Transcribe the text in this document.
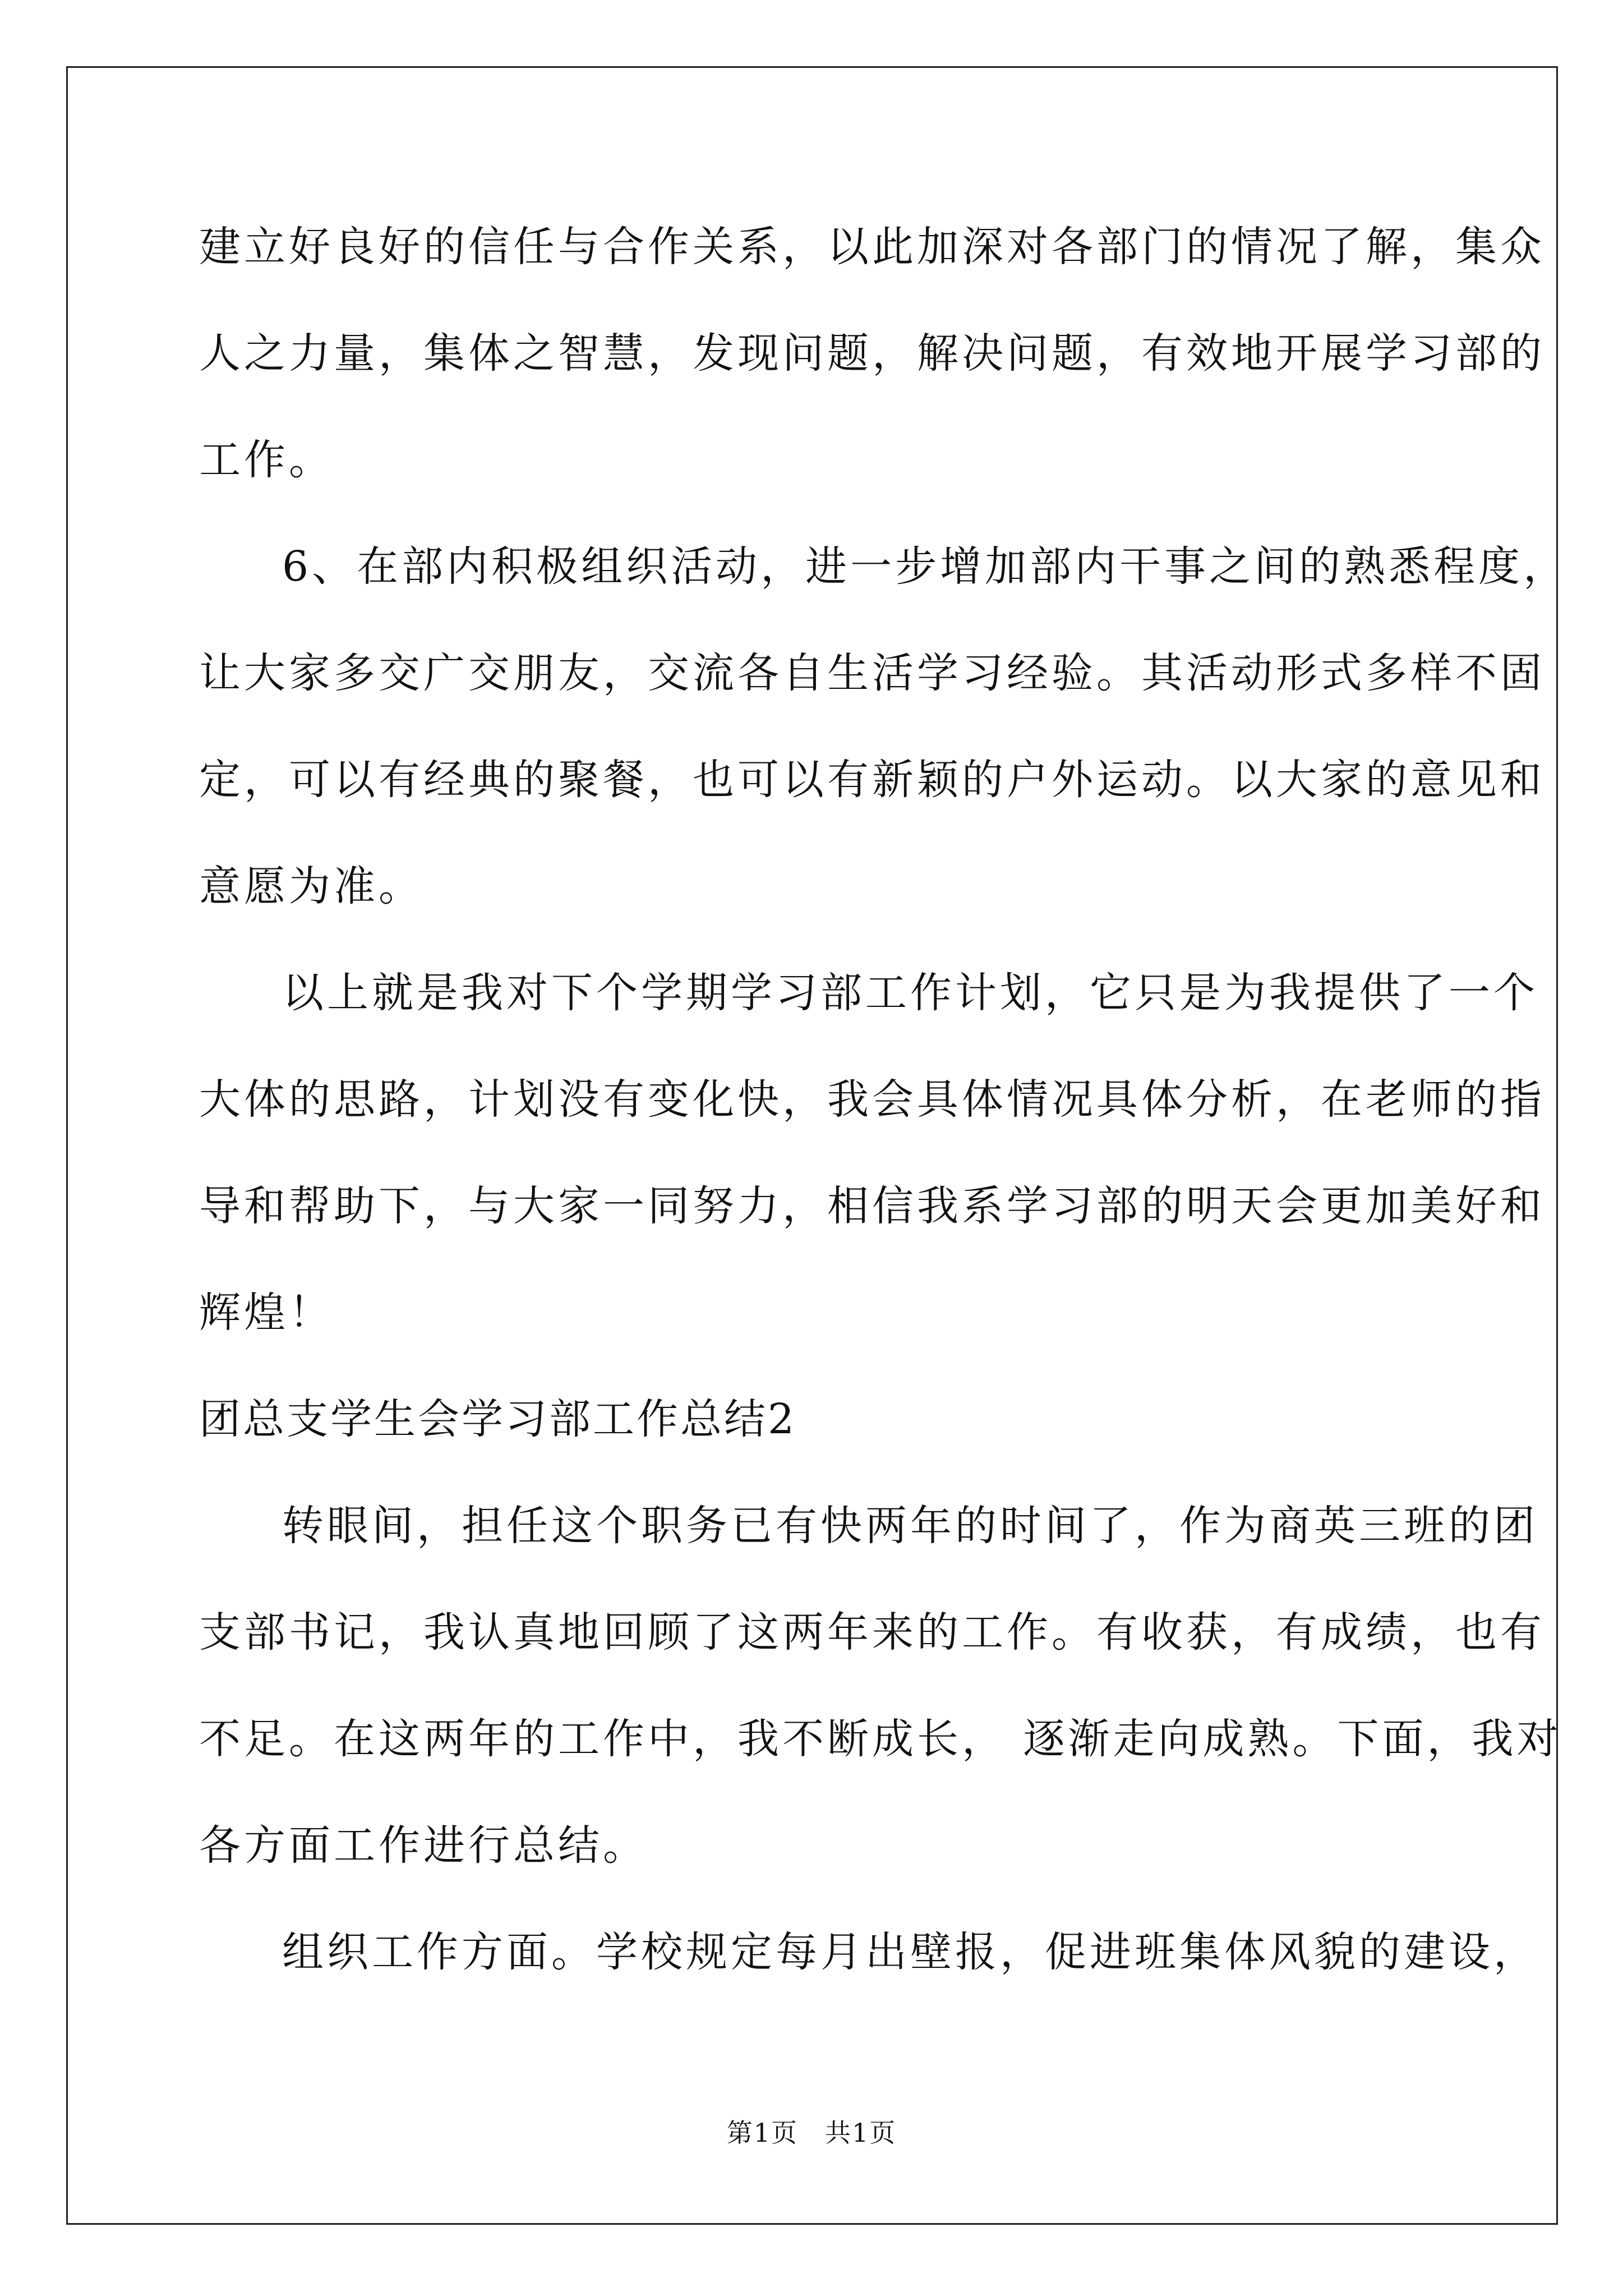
建立好良好的信任与合作关系，以此加深对各部门的情况了解，集众
人之力量，集体之智慧，发现问题，解决问题，有效地开展学习部的
工作。
6、在部内积极组织活动，进一步增加部内干事之间的熟悉程度，
让大家多交广交朋友，交流各自生活学习经验。其活动形式多样不固
定，可以有经典的聚餐，也可以有新颖的户外运动。以大家的意见和
意愿为准。
以上就是我对下个学期学习部工作计划，它只是为我提供了一个
大体的思路，计划没有变化快，我会具体情况具体分析，在老师的指
导和帮助下，与大家一同努力，相信我系学习部的明天会更加美好和
辉煌！
团总支学生会学习部工作总结2
转眼间，担任这个职务已有快两年的时间了，作为商英三班的团
支部书记，我认真地回顾了这两年来的工作。有收获，有成绩，也有
不足。在这两年的工作中，我不断成长， 逐渐走向成熟。下面，我对
各方面工作进行总结。
组织工作方面。学校规定每月出壁报，促进班集体风貌的建设，
第1页　共1页
